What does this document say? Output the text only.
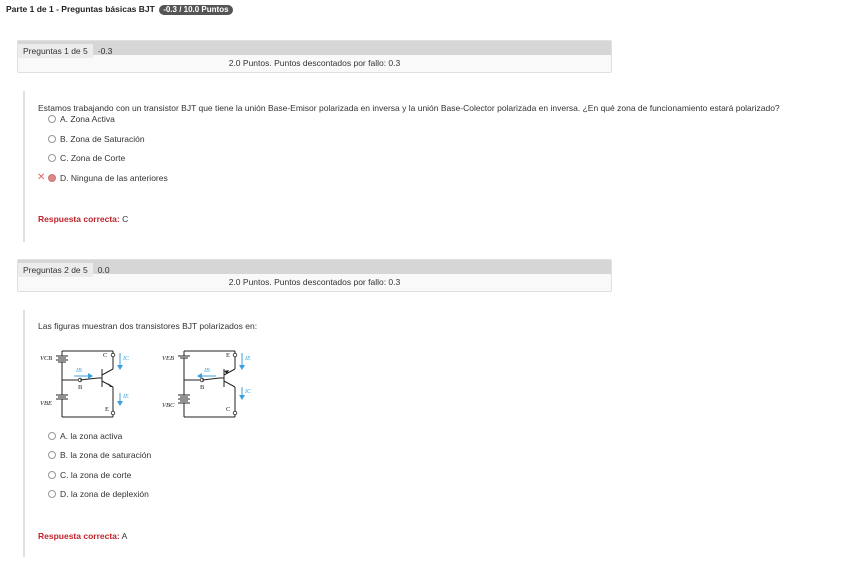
Parte 1 de 1 - Preguntas básicas BJT -0.3 / 10.0 Puntos
Preguntas 1 de 5 -0.3
2.0 Puntos. Puntos descontados por fallo: 0.3
Estamos trabajando con un transistor BJT que tiene la unión Base-Emisor polarizada en inversa y la unión Base-Colector polarizada en inversa. ¿En qué zona de funcionamiento estará polarizado?
A. Zona Activa
B. Zona de Saturación
C. Zona de Corte
✕ D. Ninguna de las anteriores
Respuesta correcta: C
Preguntas 2 de 5 0.0
2.0 Puntos. Puntos descontados por fallo: 0.3
Las figuras muestran dos transistores BJT polarizados en:
VCB
VBE
C
B
E
IC
IB
IE
VEB
VBC
E
B
C
IE
IB
IC
A. la zona activa
B. la zona de saturación
C. la zona de corte
D. la zona de deplexión
Respuesta correcta: A
